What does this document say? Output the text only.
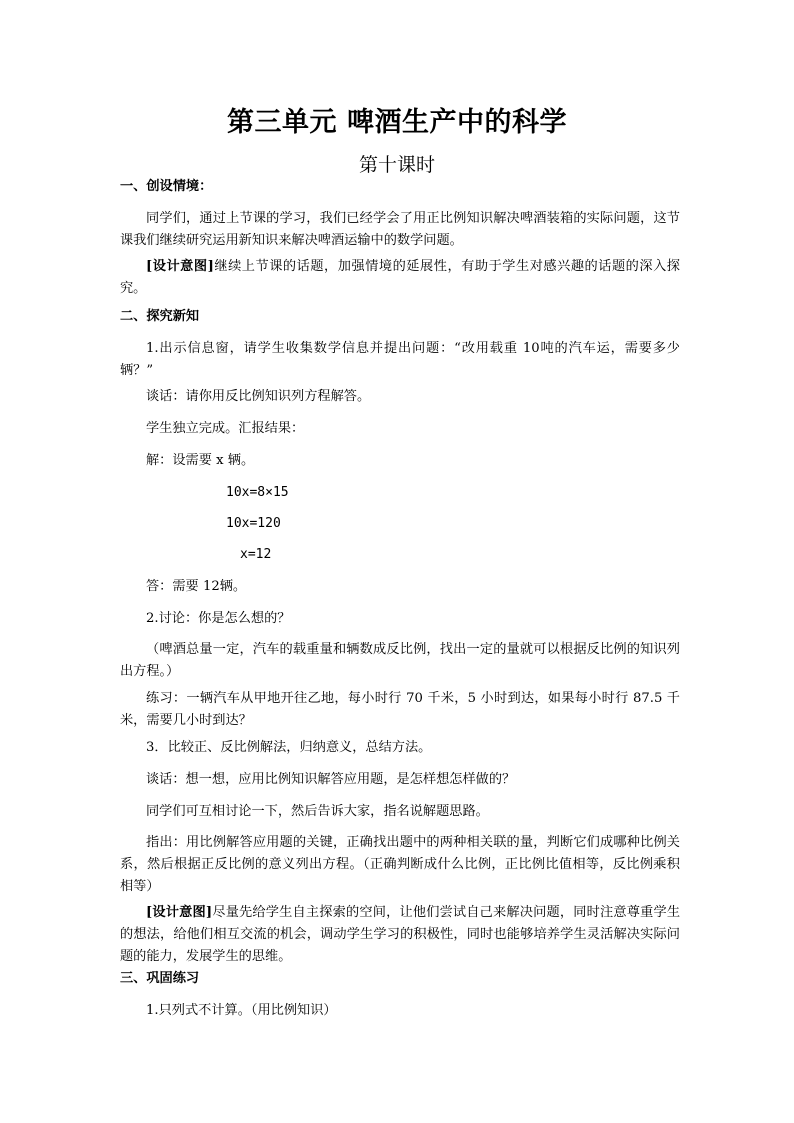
第三单元 啤酒生产中的科学
第十课时
一、创设情境：
同学们，通过上节课的学习，我们已经学会了用正比例知识解决啤酒装箱的实际问题，这节课我们继续研究运用新知识来解决啤酒运输中的数学问题。
[设计意图]继续上节课的话题，加强情境的延展性，有助于学生对感兴趣的话题的深入探究。
二、探究新知
1.出示信息窗，请学生收集数学信息并提出问题：“改用载重 10吨的汽车运，需要多少辆？”
谈话：请你用反比例知识列方程解答。
学生独立完成。汇报结果：
解：设需要 x 辆。
10x=8×15
10x=120
x=12
答：需要 12辆。
2.讨论：你是怎么想的？
（啤酒总量一定，汽车的载重量和辆数成反比例，找出一定的量就可以根据反比例的知识列出方程。）
练习：一辆汽车从甲地开往乙地，每小时行 70 千米，5 小时到达，如果每小时行 87.5 千米，需要几小时到达？
3．比较正、反比例解法，归纳意义，总结方法。
谈话：想一想，应用比例知识解答应用题，是怎样想怎样做的？
同学们可互相讨论一下，然后告诉大家，指名说解题思路。
指出：用比例解答应用题的关键，正确找出题中的两种相关联的量，判断它们成哪种比例关系，然后根据正反比例的意义列出方程。（正确判断成什么比例，正比例比值相等，反比例乘积相等）
[设计意图]尽量先给学生自主探索的空间，让他们尝试自己来解决问题，同时注意尊重学生的想法，给他们相互交流的机会，调动学生学习的积极性，同时也能够培养学生灵活解决实际问题的能力，发展学生的思维。
三、巩固练习
1.只列式不计算。（用比例知识）
